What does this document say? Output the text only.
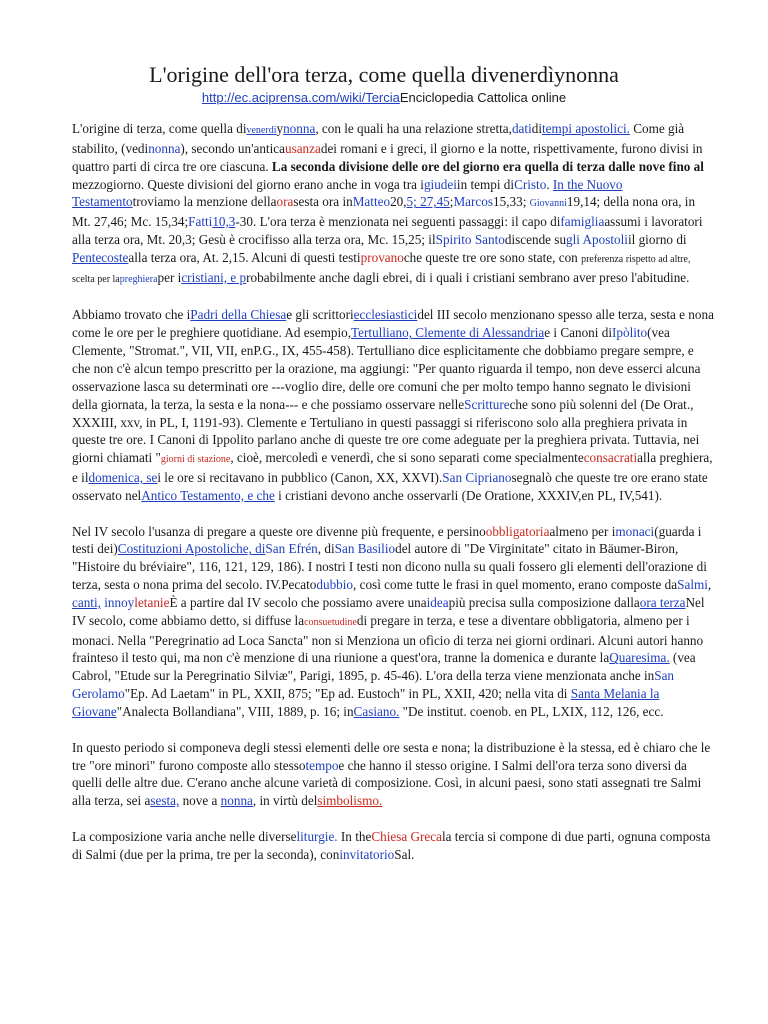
L'origine dell'ora terza, come quella divenerdìynonna
http://ec.aciprensa.com/wiki/TerciaEnciclopedia Cattolica online

L'origine di terza, come quella divenerdìynonna, con le quali ha una relazione stretta,datiditempi apostolici. Come già stabilito, (vedinonna), secondo un'anticausanzadei romani e i greci, il giorno e la notte, rispettivamente, furono divisi in quattro parti di circa tre ore ciascuna. La seconda divisione delle ore del giorno era quella di terza dalle nove fino al mezzogiorno. Queste divisioni del giorno erano anche in voga tra igiudeiin tempi diCristo. In the Nuovo Testamentotroviamo la menzione dellaorasesta ora inMatteo20,5; 27,45;Marcos15,33; Giovanni19,14; della nona ora, in Mt. 27,46; Mc. 15,34;Fatti10,3-30. L'ora terza è menzionata nei seguenti passaggi: il capo difamigliaassumi i lavoratori alla terza ora, Mt. 20,3; Gesù è crocifisso alla terza ora, Mc. 15,25; ilSpirito Santodiscende sugli Apostoliil giorno di Pentecostealla terza ora, At. 2,15. Alcuni di questi testiprovanoche queste tre ore sono state, con preferenza rispetto ad altre, scelta per lapreghieraper icristiani, e probabilmente anche dagli ebrei, di i quali i cristiani sembrano aver preso l'abitudine.

Abbiamo trovato che iPadri della Chiesae gli scrittoriecclesiasticidel III secolo menzionano spesso alle terza, sesta e nona come le ore per le preghiere quotidiane. Ad esempio,Tertulliano, Clemente di Alessandriae i Canoni diIpòlito(vea Clemente, "Stromat.", VII, VII, enP.G., IX, 455-458). Tertulliano dice esplicitamente che dobbiamo pregare sempre, e che non c'è alcun tempo prescritto per la orazione, ma aggiungi: "Per quanto riguarda il tempo, non deve esserci alcuna osservazione lasca su determinati ore ---voglio dire, delle ore comuni che per molto tempo hanno segnato le divisioni della giornata, la terza, la sesta e la nona--- e che possiamo osservare nelleScrittureche sono più solenni del (De Orat., XXXIII, xxv, in PL, I, 1191-93). Clemente e Tertuliano in questi passaggi si riferiscono solo alla preghiera privata in queste tre ore. I Canoni di Ippolito parlano anche di queste tre ore come adeguate per la preghiera privata. Tuttavia, nei giorni chiamati "giorni di stazione, cioè, mercoledì e venerdì, che si sono separati come specialmenteconsacratialla preghiera, e ildomenica, sei le ore si recitavano in pubblico (Canon, XX, XXVI).San Ciprianosegnalò che queste tre ore erano state osservato nelAntico Testamento, e che i cristiani devono anche osservarli (De Oratione, XXXIV,en PL, IV,541).

Nel IV secolo l'usanza di pregare a queste ore divenne più frequente, e persinoobbligatoriaalmeno per imonaci(guarda i testi dei)Costituzioni Apostoliche, diSan Efrén, diSan Basiliodel autore di "De Virginitate" citato in Bäumer-Biron, "Histoire du bréviaire", 116, 121, 129, 186). I nostri I testi non dicono nulla su quali fossero gli elementi dell'orazione di terza, sesta o nona prima del secolo. IV.Pecatodubbio, così come tutte le frasi in quel momento, erano composte daSalmi, canti, innoyletanieÈ a partire dal IV secolo che possiamo avere unaideapiù precisa sulla composizione dallaora terzaNel IV secolo, come abbiamo detto, si diffuse laconsuetudinedi pregare in terza, e tese a diventare obbligatoria, almeno per i monaci. Nella "Peregrinatio ad Loca Sancta" non si Menziona un ofìcio di terza nei giorni ordinari. Alcuni autori hanno frainteso il testo qui, ma non c'è menzione di una riunione a quest'ora, tranne la domenica e durante laQuaresima. (vea Cabrol, "Etude sur la Peregrinatio Silviæ", Parigi, 1895, p. 45-46). L'ora della terza viene menzionata anche inSan Gerolamo"Ep. Ad Laetam" in PL, XXII, 875; "Ep ad. Eustoch" in PL, XXII, 420; nella vita di Santa Melania la Giovane"Analecta Bollandiana", VIII, 1889, p. 16; inCasiano. "De institut. coenob. en PL, LXIX, 112, 126, ecc.

In questo periodo si componeva degli stessi elementi delle ore sesta e nona; la distribuzione è la stessa, ed è chiaro che le tre "ore minori" furono composte allo stessotempoe che hanno il stesso origine. I Salmi dell'ora terza sono diversi da quelli delle altre due. C'erano anche alcune varietà di composizione. Così, in alcuni paesi, sono stati assegnati tre Salmi alla terza, sei asesta, nove a nonna, in virtù delsimbolismo.

La composizione varia anche nelle diverseliturgie. In theChiesa Grecala tercia si compone di due parti, ognuna composta di Salmi (due per la prima, tre per la seconda), coninvitatorioSal.
